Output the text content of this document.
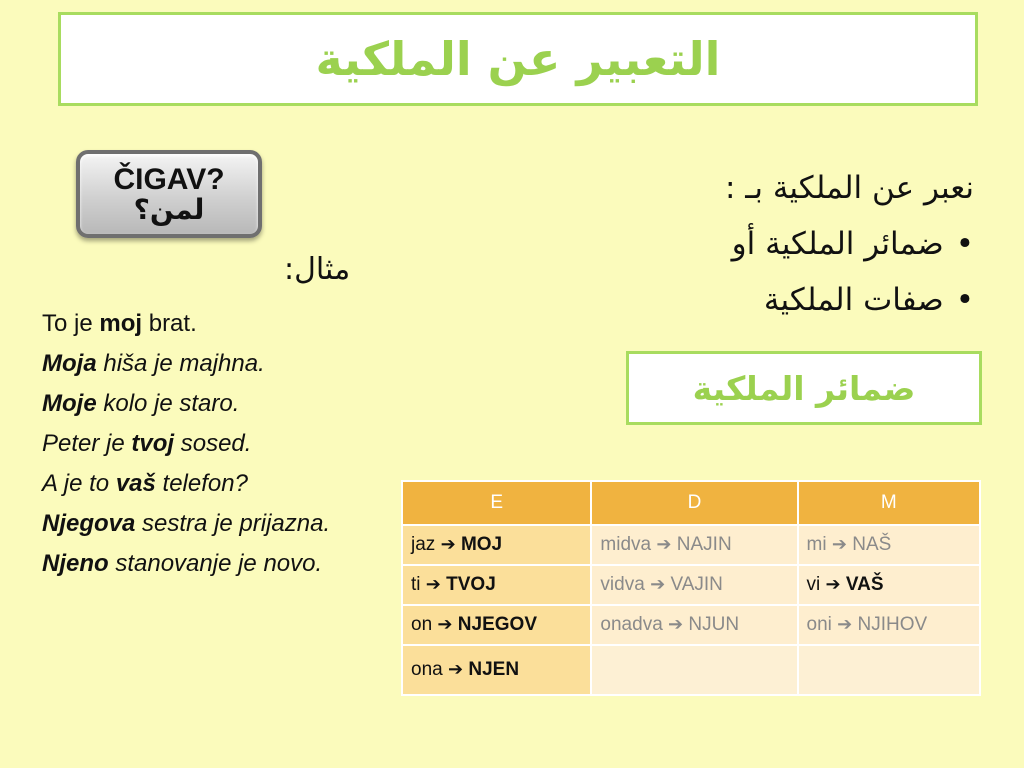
التعبير عن الملكية
ČIGAV?
لمن؟
مثال:
To je moj brat.
Moja hiša je majhna.
Moje kolo je staro.
Peter je tvoj sosed.
A je to vaš telefon?
Njegova sestra je prijazna.
Njeno stanovanje je novo.
نعبر عن الملكية بـ :
•ضمائر الملكية أو
•صفات الملكية
ضمائر الملكية
E	D	M
jaz ➔ MOJ	midva ➔ NAJIN	mi ➔ NAŠ
ti ➔ TVOJ	vidva ➔ VAJIN	vi ➔ VAŠ
on ➔ NJEGOV	onadva ➔ NJUN	oni ➔ NJIHOV
ona ➔ NJEN		
